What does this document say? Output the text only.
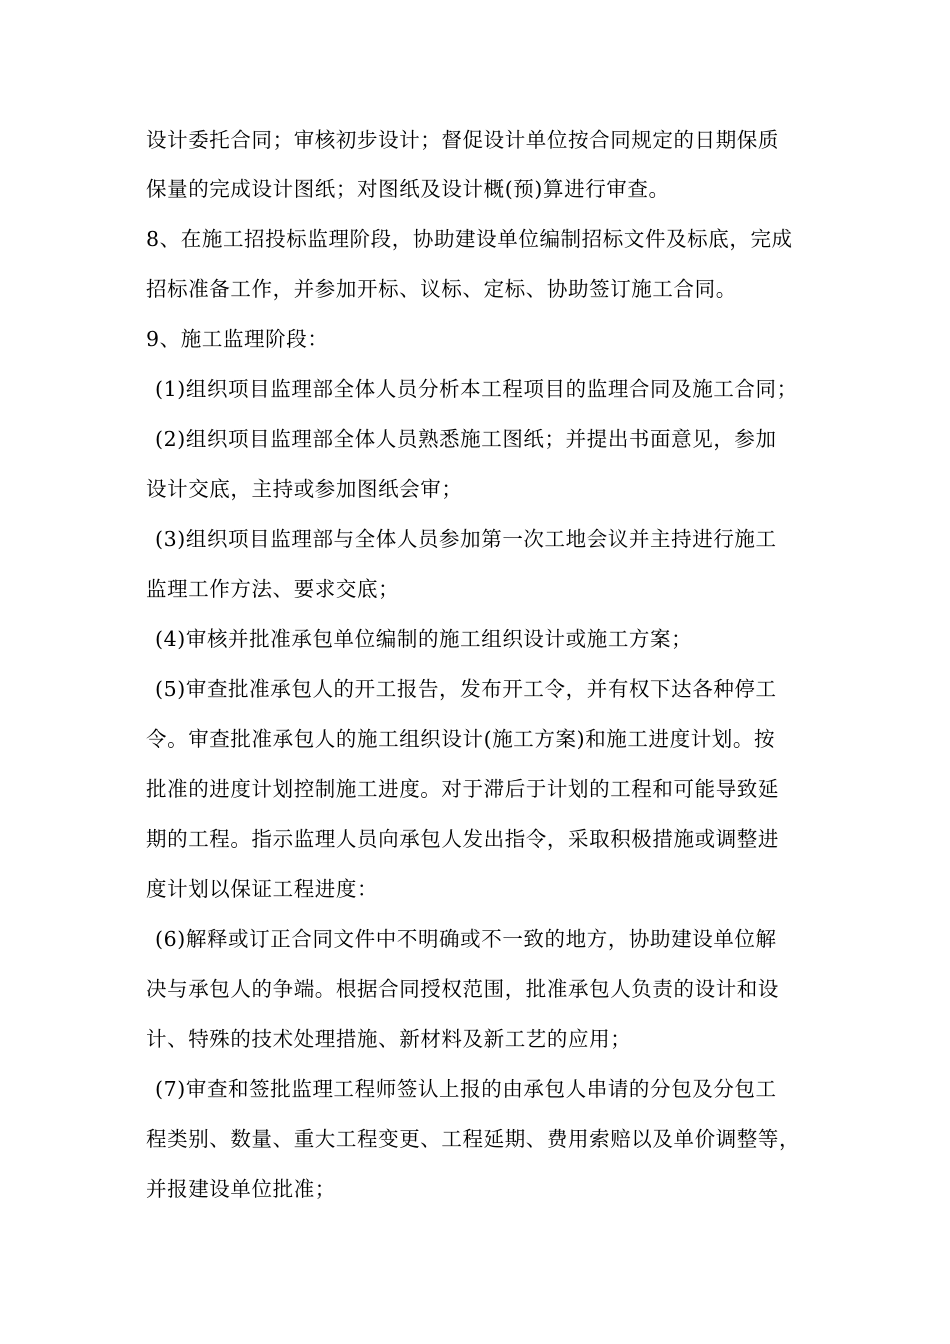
设计委托合同；审核初步设计；督促设计单位按合同规定的日期保质
保量的完成设计图纸；对图纸及设计概(预)算进行审查。
8、在施工招投标监理阶段，协助建设单位编制招标文件及标底，完成
招标准备工作，并参加开标、议标、定标、协助签订施工合同。
9、施工监理阶段：
(1)组织项目监理部全体人员分析本工程项目的监理合同及施工合同；
(2)组织项目监理部全体人员熟悉施工图纸；并提出书面意见，参加
设计交底，主持或参加图纸会审；
(3)组织项目监理部与全体人员参加第一次工地会议并主持进行施工
监理工作方法、要求交底；
(4)审核并批准承包单位编制的施工组织设计或施工方案；
(5)审查批准承包人的开工报告，发布开工令，并有权下达各种停工
令。审查批准承包人的施工组织设计(施工方案)和施工进度计划。按
批准的进度计划控制施工进度。对于滞后于计划的工程和可能导致延
期的工程。指示监理人员向承包人发出指令，采取积极措施或调整进
度计划以保证工程进度：
(6)解释或订正合同文件中不明确或不一致的地方，协助建设单位解
决与承包人的争端。根据合同授权范围，批准承包人负责的设计和设
计、特殊的技术处理措施、新材料及新工艺的应用；
(7)审查和签批监理工程师签认上报的由承包人串请的分包及分包工
程类别、数量、重大工程变更、工程延期、费用索赔以及单价调整等，
并报建设单位批准；
